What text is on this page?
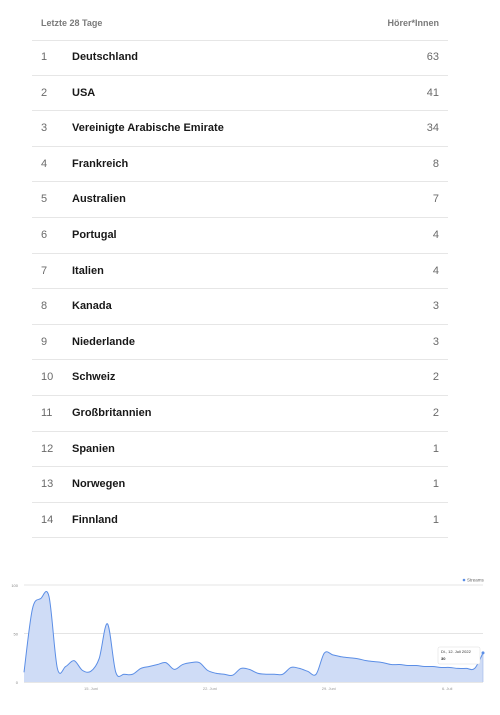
Letzte 28 Tage	Hörer*Innen
1 Deutschland	63
2 USA	41
3 Vereinigte Arabische Emirate	34
4 Frankreich	8
5 Australien	7
6 Portugal	4
7 Italien	4
8 Kanada	3
9 Niederlande	3
10 Schweiz	2
11 Großbritannien	2
12 Spanien	1
13 Norwegen	1
14 Finnland	1
0
50
100
15. Juni	22. Juni	29. Juni	6. Juli
Streams
Di., 12. Juli 2022
30
